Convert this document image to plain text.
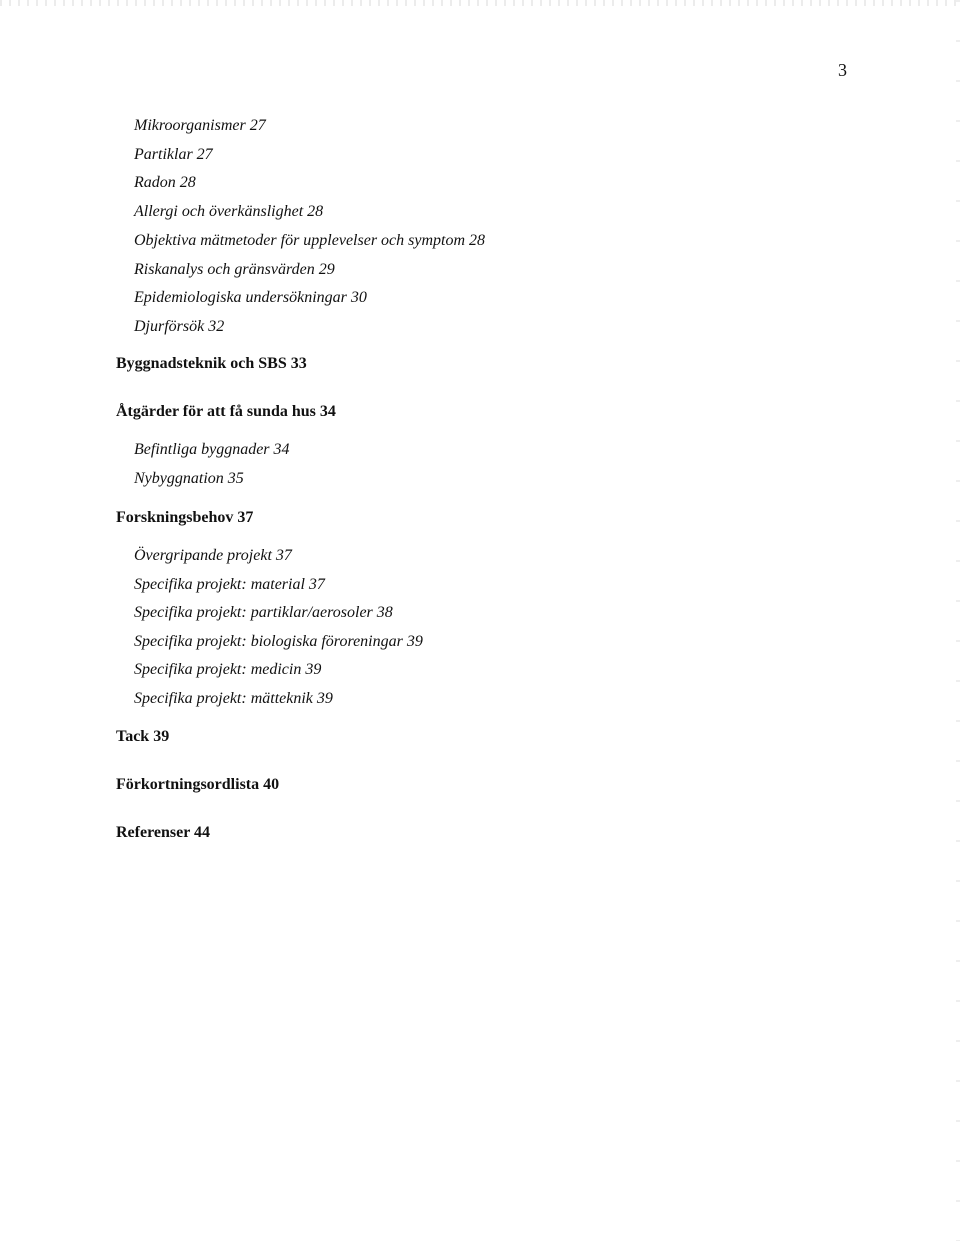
3
Mikroorganismer 27
Partiklar 27
Radon 28
Allergi och överkänslighet 28
Objektiva mätmetoder för upplevelser och symptom 28
Riskanalys och gränsvärden 29
Epidemiologiska undersökningar 30
Djurförsök 32
Byggnadsteknik och SBS 33
Åtgärder för att få sunda hus 34
Befintliga byggnader 34
Nybyggnation 35
Forskningsbehov 37
Övergripande projekt 37
Specifika projekt: material 37
Specifika projekt: partiklar/aerosoler 38
Specifika projekt: biologiska föroreningar 39
Specifika projekt: medicin 39
Specifika projekt: mätteknik 39
Tack 39
Förkortningsordlista 40
Referenser 44
